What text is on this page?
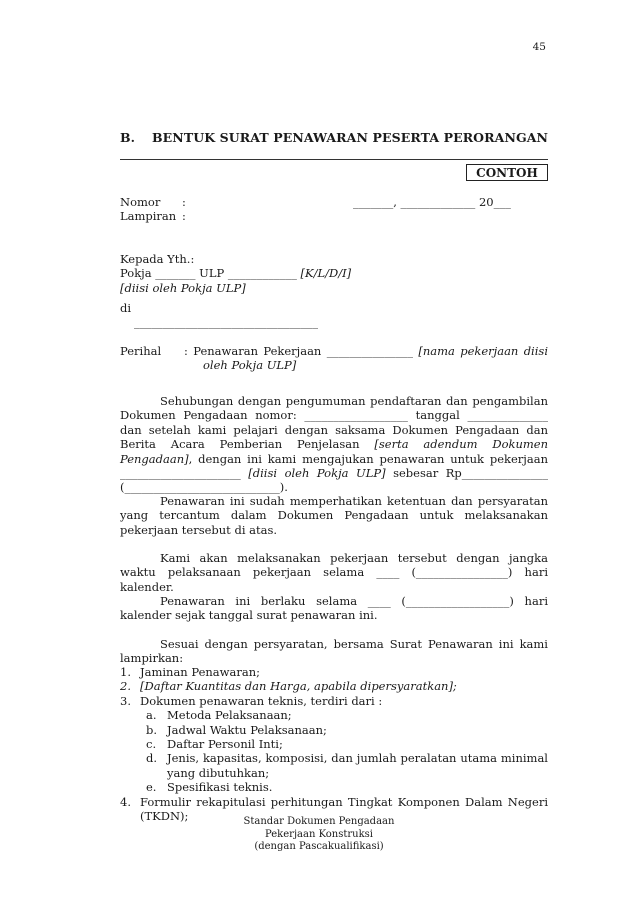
45
B. BENTUK SURAT PENAWARAN PESERTA PERORANGAN
CONTOH
Nomor :	_______, _____________ 20___
Lampiran :
Kepada Yth.:
Pokja _______ ULP ____________ [K/L/D/I]
[diisi oleh Pokja ULP]
di
________________________________
Perihal : Penawaran Pekerjaan _______________ [nama pekerjaan diisi
oleh Pokja ULP]
Sehubungan dengan pengumuman pendaftaran dan pengambilan Dokumen Pengadaan nomor: __________________ tanggal ______________ dan setelah kami pelajari dengan saksama Dokumen Pengadaan dan Berita Acara Pemberian Penjelasan [serta adendum Dokumen Pengadaan], dengan ini kami mengajukan penawaran untuk pekerjaan _____________________ [diisi oleh Pokja ULP] sebesar Rp_______________ (___________________________).
Penawaran ini sudah memperhatikan ketentuan dan persyaratan yang tercantum dalam Dokumen Pengadaan untuk melaksanakan pekerjaan tersebut di atas.
Kami akan melaksanakan pekerjaan tersebut dengan jangka waktu pelaksanaan pekerjaan selama ____ (________________) hari kalender.
Penawaran ini berlaku selama ____ (__________________) hari kalender sejak tanggal surat penawaran ini.
Sesuai dengan persyaratan, bersama Surat Penawaran ini kami lampirkan:
1. Jaminan Penawaran;
2. [Daftar Kuantitas dan Harga, apabila dipersyaratkan];
3. Dokumen penawaran teknis, terdiri dari :
a. Metoda Pelaksanaan;
b. Jadwal Waktu Pelaksanaan;
c. Daftar Personil Inti;
d. Jenis, kapasitas, komposisi, dan jumlah peralatan utama minimal yang dibutuhkan;
e. Spesifikasi teknis.
4. Formulir rekapitulasi perhitungan Tingkat Komponen Dalam Negeri (TKDN);	Standar Dokumen Pengadaan
Pekerjaan Konstruksi
(dengan Pascakualifikasi)
